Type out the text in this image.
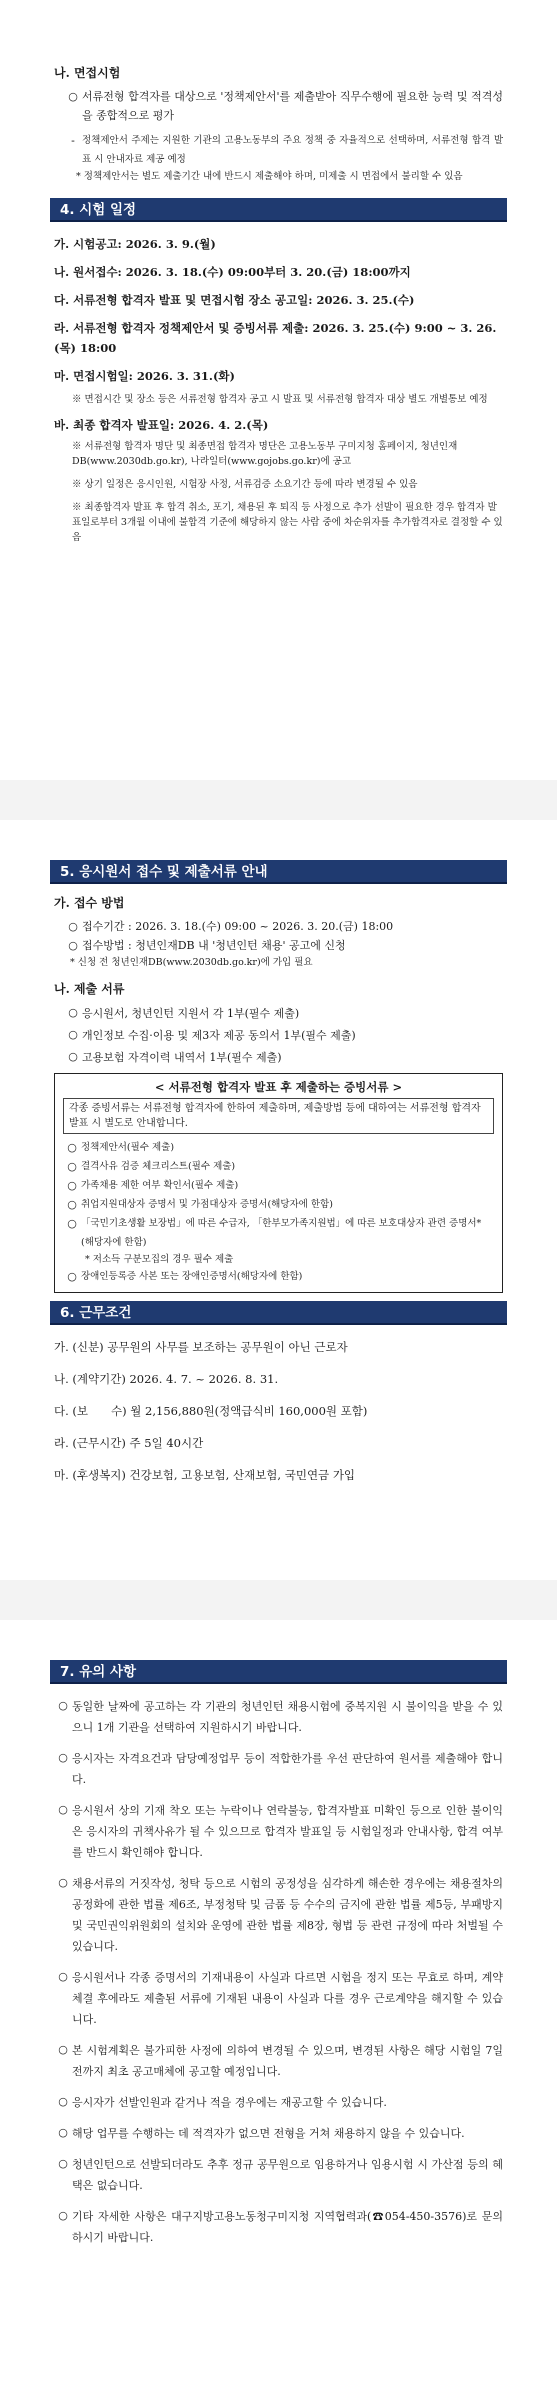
나. 면접시험
○ 서류전형 합격자를 대상으로 '정책제안서'를 제출받아 직무수행에 필요한 능력 및 적격성을 종합적으로 평가
- 정책제안서 주제는 지원한 기관의 고용노동부의 주요 정책 중 자율적으로 선택하며, 서류전형 합격 발표 시 안내자료 제공 예정
* 정책제안서는 별도 제출기간 내에 반드시 제출해야 하며, 미제출 시 면접에서 불리할 수 있음
4. 시험 일정
가. 시험공고: 2026. 3. 9.(월)
나. 원서접수: 2026. 3. 18.(수) 09:00부터 3. 20.(금) 18:00까지
다. 서류전형 합격자 발표 및 면접시험 장소 공고일: 2026. 3. 25.(수)
라. 서류전형 합격자 정책제안서 및 증빙서류 제출: 2026. 3. 25.(수) 9:00 ~ 3. 26.(목) 18:00
마. 면접시험일: 2026. 3. 31.(화)
※ 면접시간 및 장소 등은 서류전형 합격자 공고 시 발표 및 서류전형 합격자 대상 별도 개별통보 예정
바. 최종 합격자 발표일: 2026. 4. 2.(목)
※ 서류전형 합격자 명단 및 최종면접 합격자 명단은 고용노동부 구미지청 홈페이지, 청년인재DB(www.2030db.go.kr), 나라일터(www.gojobs.go.kr)에 공고
※ 상기 일정은 응시인원, 시험장 사정, 서류검증 소요기간 등에 따라 변경될 수 있음
※ 최종합격자 발표 후 합격 취소, 포기, 채용된 후 퇴직 등 사정으로 추가 선발이 필요한 경우 합격자 발표일로부터 3개월 이내에 불합격 기준에 해당하지 않는 사람 중에 차순위자를 추가합격자로 결정할 수 있음
5. 응시원서 접수 및 제출서류 안내
가. 접수 방법
○ 접수기간 : 2026. 3. 18.(수) 09:00 ~ 2026. 3. 20.(금) 18:00
○ 접수방법 : 청년인재DB 내 '청년인턴 채용' 공고에 신청
* 신청 전 청년인재DB(www.2030db.go.kr)에 가입 필요
나. 제출 서류
○ 응시원서, 청년인턴 지원서 각 1부(필수 제출)
○ 개인정보 수집·이용 및 제3자 제공 동의서 1부(필수 제출)
○ 고용보험 자격이력 내역서 1부(필수 제출)
< 서류전형 합격자 발표 후 제출하는 증빙서류 >
각종 증빙서류는 서류전형 합격자에 한하여 제출하며, 제출방법 등에 대하여는 서류전형 합격자 발표 시 별도로 안내합니다.
○ 정책제안서(필수 제출)
○ 결격사유 검증 체크리스트(필수 제출)
○ 가족채용 제한 여부 확인서(필수 제출)
○ 취업지원대상자 증명서 및 가점대상자 증명서(해당자에 한함)
○ 「국민기초생활 보장법」에 따른 수급자, 「한부모가족지원법」에 따른 보호대상자 관련 증명서*(해당자에 한함)
* 저소득 구분모집의 경우 필수 제출
○ 장애인등록증 사본 또는 장애인증명서(해당자에 한함)
6. 근무조건
가. (신분) 공무원의 사무를 보조하는 공무원이 아닌 근로자
나. (계약기간) 2026. 4. 7. ~ 2026. 8. 31.
다. (보　　수) 월 2,156,880원(정액급식비 160,000원 포함)
라. (근무시간) 주 5일 40시간
마. (후생복지) 건강보험, 고용보험, 산재보험, 국민연금 가입
7. 유의 사항
○ 동일한 날짜에 공고하는 각 기관의 청년인턴 채용시험에 중복지원 시 불이익을 받을 수 있으니 1개 기관을 선택하여 지원하시기 바랍니다.
○ 응시자는 자격요건과 담당예정업무 등이 적합한가를 우선 판단하여 원서를 제출해야 합니다.
○ 응시원서 상의 기재 착오 또는 누락이나 연락불능, 합격자발표 미확인 등으로 인한 불이익은 응시자의 귀책사유가 될 수 있으므로 합격자 발표일 등 시험일정과 안내사항, 합격 여부를 반드시 확인해야 합니다.
○ 채용서류의 거짓작성, 청탁 등으로 시험의 공정성을 심각하게 해손한 경우에는 채용절차의 공정화에 관한 법률 제6조, 부정청탁 및 금품 등 수수의 금지에 관한 법률 제5등, 부패방지 및 국민권익위원회의 설치와 운영에 관한 법률 제8장, 형법 등 관련 규정에 따라 처벌될 수 있습니다.
○ 응시원서나 각종 증명서의 기재내용이 사실과 다르면 시험을 정지 또는 무효로 하며, 계약체결 후에라도 제출된 서류에 기재된 내용이 사실과 다를 경우 근로계약을 해지할 수 있습니다.
○ 본 시험계획은 불가피한 사정에 의하여 변경될 수 있으며, 변경된 사항은 해당 시험일 7일 전까지 최초 공고매체에 공고할 예정입니다.
○ 응시자가 선발인원과 같거나 적을 경우에는 재공고할 수 있습니다.
○ 해당 업무를 수행하는 데 적격자가 없으면 전형을 거쳐 채용하지 않을 수 있습니다.
○ 청년인턴으로 선발되더라도 추후 정규 공무원으로 임용하거나 임용시험 시 가산점 등의 혜택은 없습니다.
○ 기타 자세한 사항은 대구지방고용노동청구미지청 지역협력과(☎054-450-3576)로 문의하시기 바랍니다.
